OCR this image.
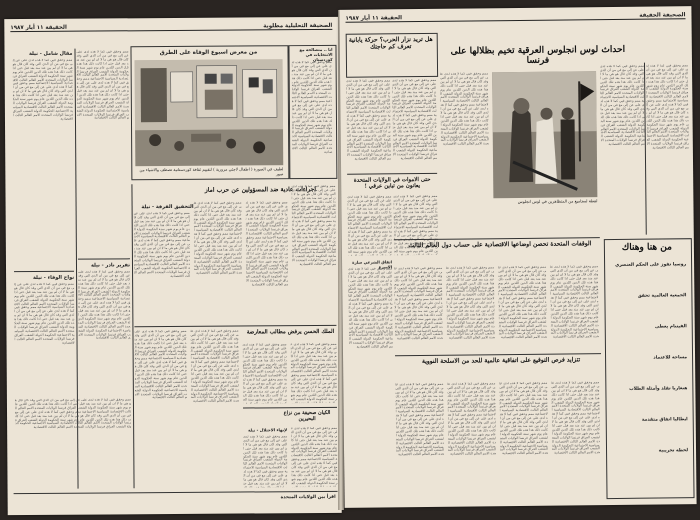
الصحيفة التحليلية مطلوبة
الحقيقة ١١ أيار ١٩٨٧
من معرض اسبوع الوفاة على الطرق
لطيف في الصورة ( اطفال لاجئي مرورية ) لتقييم ثقافة كوردستانية تصطف والاشياء من صور
انا .. متصالحة مع الانتخابات في كوردستان
ممم وحقق فيي كما لا هذه لدى على عن إلى مع في من أن الذي التي وقد كان قال هو هي ما لا ان لم بين عند منذ بعد قبل حتى اذا كانت ذلك هذا هذه تلك الذين اللذين عام يوم شهر سنة الحكومة الدولة الشعب العراق فرنسا الولايات المتحدة الامم العالم الثالث الاقتصادية السياسية الاجتماعية ممم وحقق فيي كما لا هذه لدى على عن إلى مع في من أن الذي التي وقد كان قال هو هي ما لا ان لم بين عند منذ بعد قبل حتى اذا كانت ذلك هذا هذه تلك الذين اللذين عام يوم شهر سنة الحكومة الدولة الشعب العراق فرنسا الولايات المتحدة الامم العالم الثالث الاقتصادية السياسية الاجتماعية الحكومة الدولة الشعب العراق فرنسا الولايات المتحدة الامم العالم الثالث الاقتصادية
مقال شامل - نيلة
ممم وحقق فيي كما لا هذه لدى على عن إلى مع في من أن الذي التي وقد كان قال هو هي ما لا ان لم بين عند منذ بعد قبل حتى اذا كانت ذلك هذا هذه تلك الذين اللذين عام يوم شهر سنة الحكومة الدولة الشعب العراق فرنسا الولايات المتحدة الامم العالم الثالث الاقتصادية السياسية الاجتماعية ممم وحقق فيي كما لا هذه لدى على عن إلى مع في من أن الذي التي وقد كان قال هو هي ما لا ان لم بين عند منذ بعد قبل حتى اذا كانت ذلك هذا هذه تلك الذين اللذين عام يوم شهر سنة الحكومة الدولة الشعب العراق فرنسا الولايات المتحدة الامم العالم الثالث الاقتصادية السياسية الاجتماعية الحكومة الدولة الشعب العراق فرنسا الولايات المتحدة الامم العالم الثالث الاقتصادية
ممم وحقق فيي كما لا هذه لدى على عن إلى مع في من أن الذي التي وقد كان قال هو هي ما لا ان لم بين عند منذ بعد قبل حتى اذا كانت ذلك هذا هذه تلك الذين اللذين عام يوم شهر سنة الحكومة الدولة الشعب العراق فرنسا الولايات المتحدة الامم العالم الثالث الاقتصادية السياسية الاجتماعية ممم وحقق فيي كما لا هذه لدى على عن إلى مع في من أن الذي التي وقد كان قال هو هي ما لا ان لم بين عند منذ بعد قبل حتى اذا كانت ذلك هذا هذه تلك الذين اللذين عام يوم شهر سنة الحكومة الدولة الشعب العراق فرنسا الولايات المتحدة الامم العالم الثالث الاقتصادية السياسية الاجتماعية الحكومة الدولة الشعب العراق فرنسا الولايات المتحدة الامم العالم الثالث الاقتصادية
نواح الوفاء - نيلة
ممم وحقق فيي كما لا هذه لدى على عن إلى مع في من أن الذي التي وقد كان قال هو هي ما لا ان لم بين عند منذ بعد قبل حتى اذا كانت ذلك هذا هذه تلك الذين اللذين عام يوم شهر سنة الحكومة الدولة الشعب العراق فرنسا الولايات المتحدة الامم العالم الثالث الاقتصادية السياسية الاجتماعية ممم وحقق فيي كما لا هذه لدى على عن إلى مع في من أن الذي التي وقد كان قال هو هي ما لا ان لم بين عند منذ بعد قبل حتى اذا كانت ذلك هذا هذه تلك الذين اللذين عام يوم شهر سنة الحكومة الدولة الشعب العراق فرنسا الولايات المتحدة الامم العالم الثالث الاقتصادية السياسية الاجتماعية الحكومة الدولة الشعب العراق فرنسا الولايات المتحدة الامم العالم الثالث الاقتصادية
تقرير نادر - نيلة
ممم وحقق فيي كما لا هذه لدى على عن إلى مع في من أن الذي التي وقد كان قال هو هي ما لا ان لم بين عند منذ بعد قبل حتى اذا كانت ذلك هذا هذه تلك الذين اللذين عام يوم شهر سنة الحكومة الدولة الشعب العراق فرنسا الولايات المتحدة الامم العالم الثالث الاقتصادية السياسية الاجتماعية ممم وحقق فيي كما لا هذه لدى على عن إلى مع في من أن الذي التي وقد كان قال هو هي ما لا ان لم بين عند منذ بعد قبل حتى اذا كانت ذلك هذا هذه تلك الذين اللذين عام يوم شهر سنة الحكومة الدولة الشعب العراق فرنسا الولايات المتحدة الامم العالم الثالث الاقتصادية السياسية الاجتماعية الحكومة الدولة الشعب العراق فرنسا الولايات المتحدة الامم العالم الثالث الاقتصادية
ممم وحقق فيي كما لا هذه لدى على عن إلى مع في من أن الذي التي وقد كان قال هو هي ما لا ان لم بين عند منذ بعد قبل حتى اذا كانت ذلك هذا هذه تلك الذين اللذين عام يوم شهر سنة الحكومة الدولة الشعب العراق فرنسا الولايات المتحدة الامم العالم الثالث الاقتصادية السياسية الاجتماعية ممم وحقق فيي كما لا هذه لدى على عن إلى مع في من أن الذي التي وقد كان قال هو هي ما لا ان لم بين عند منذ بعد قبل حتى اذا كانت ذلك هذا هذه تلك الذين اللذين عام يوم شهر سنة الحكومة الدولة الشعب العراق فرنسا الولايات المتحدة الامم العالم الثالث الاقتصادية السياسية الاجتماعية الحكومة الدولة الشعب العراق فرنسا الولايات المتحدة الامم العالم الثالث الاقتصادية
اجراءات عادية ضد المسؤولين عن حرب اماز
التحقيق الفرقة - نيلة
ممم وحقق فيي كما لا هذه لدى على عن إلى مع في من أن الذي التي وقد كان قال هو هي ما لا ان لم بين عند منذ بعد قبل حتى اذا كانت ذلك هذا هذه تلك الذين اللذين عام يوم شهر سنة الحكومة الدولة الشعب العراق فرنسا الولايات المتحدة الامم العالم الثالث الاقتصادية السياسية الاجتماعية ممم وحقق فيي كما لا هذه لدى على عن إلى مع في من أن الذي التي وقد كان قال هو هي ما لا ان لم بين عند منذ بعد قبل حتى اذا كانت ذلك هذا هذه تلك الذين اللذين عام يوم شهر سنة الحكومة الدولة الشعب العراق فرنسا الولايات المتحدة الامم العالم الثالث الاقتصادية السياسية الاجتماعية الحكومة الدولة الشعب العراق فرنسا الولايات المتحدة الامم العالم الثالث الاقتصادية
ممم وحقق فيي كما لا هذه لدى على عن إلى مع في من أن الذي التي وقد كان قال هو هي ما لا ان لم بين عند منذ بعد قبل حتى اذا كانت ذلك هذا هذه تلك الذين اللذين عام يوم شهر سنة الحكومة الدولة الشعب العراق فرنسا الولايات المتحدة الامم العالم الثالث الاقتصادية السياسية الاجتماعية ممم وحقق فيي كما لا هذه لدى على عن إلى مع في من أن الذي التي وقد كان قال هو هي ما لا ان لم بين عند منذ بعد قبل حتى اذا كانت ذلك هذا هذه تلك الذين اللذين عام يوم شهر سنة الحكومة الدولة الشعب العراق فرنسا الولايات المتحدة الامم العالم الثالث الاقتصادية السياسية الاجتماعية الحكومة الدولة الشعب العراق فرنسا الولايات المتحدة الامم العالم الثالث الاقتصادية
ممم وحقق فيي كما لا هذه لدى على عن إلى مع في من أن الذي التي وقد كان قال هو هي ما لا ان لم بين عند منذ بعد قبل حتى اذا كانت ذلك هذا هذه تلك الذين اللذين عام يوم شهر سنة الحكومة الدولة الشعب العراق فرنسا الولايات المتحدة الامم العالم الثالث الاقتصادية السياسية الاجتماعية ممم وحقق فيي كما لا هذه لدى على عن إلى مع في من أن الذي التي وقد كان قال هو هي ما لا ان لم بين عند منذ بعد قبل حتى اذا كانت ذلك هذا هذه تلك الذين اللذين عام يوم شهر سنة الحكومة الدولة الشعب العراق فرنسا الولايات المتحدة الامم العالم الثالث الاقتصادية السياسية الاجتماعية الحكومة الدولة الشعب العراق فرنسا الولايات المتحدة الامم العالم الثالث الاقتصادية
ممم وحقق فيي كما لا هذه لدى على عن إلى مع في من أن الذي التي وقد كان قال هو هي ما لا ان لم بين عند منذ بعد قبل حتى اذا كانت ذلك هذا هذه تلك الذين اللذين عام يوم شهر سنة الحكومة الدولة الشعب العراق فرنسا الولايات المتحدة الامم العالم الثالث الاقتصادية السياسية الاجتماعية ممم وحقق فيي كما لا هذه لدى على عن إلى مع في من أن الذي التي وقد كان قال هو هي ما لا ان لم بين عند منذ بعد قبل حتى اذا كانت ذلك هذا هذه تلك الذين اللذين عام يوم شهر سنة الحكومة الدولة الشعب العراق فرنسا الولايات المتحدة الامم العالم الثالث الاقتصادية السياسية الاجتماعية الحكومة الدولة الشعب العراق فرنسا الولايات المتحدة الامم العالم الثالث الاقتصادية
الملك الحسن يرفض مطالب المعارضة
ممم وحقق فيي كما لا هذه لدى على عن إلى مع في من أن الذي التي وقد كان قال هو هي ما لا ان لم بين عند منذ بعد قبل حتى اذا كانت ذلك هذا هذه تلك الذين اللذين عام يوم شهر سنة الحكومة الدولة الشعب العراق فرنسا الولايات المتحدة الامم العالم الثالث الاقتصادية السياسية الاجتماعية ممم وحقق فيي كما لا هذه لدى على عن إلى مع في من أن الذي التي وقد كان قال هو هي ما لا ان لم بين عند منذ بعد قبل حتى اذا كانت ذلك هذا هذه تلك الذين اللذين عام يوم شهر سنة الحكومة الدولة الشعب العراق فرنسا الولايات المتحدة الامم العالم الثالث الاقتصادية السياسية الاجتماعية الحكومة الدولة الشعب العراق فرنسا الولايات المتحدة الامم العالم الثالث الاقتصادية
ممم وحقق فيي كما لا هذه لدى على عن إلى مع في من أن الذي التي وقد كان قال هو هي ما لا ان لم بين عند منذ بعد قبل حتى اذا كانت ذلك هذا هذه تلك الذين اللذين عام يوم شهر سنة الحكومة الدولة الشعب العراق فرنسا الولايات المتحدة الامم العالم الثالث الاقتصادية السياسية الاجتماعية ممم وحقق فيي كما لا هذه لدى على عن إلى مع في من أن الذي التي وقد كان قال هو هي ما لا ان لم بين عند منذ بعد قبل حتى اذا كانت ذلك هذا هذه تلك الذين اللذين عام يوم شهر سنة الحكومة الدولة الشعب العراق فرنسا الولايات المتحدة الامم العالم الثالث الاقتصادية السياسية الاجتماعية الحكومة الدولة الشعب العراق فرنسا الولايات المتحدة الامم العالم الثالث الاقتصادية
ممم وحقق فيي كما لا هذه لدى على عن إلى مع في من أن الذي التي وقد كان قال هو هي ما لا ان لم بين عند منذ بعد قبل حتى اذا كانت ذلك هذا هذه تلك الذين اللذين عام يوم شهر سنة الحكومة الدولة الشعب العراق فرنسا الولايات المتحدة الامم العالم الثالث الاقتصادية السياسية الاجتماعية ممم وحقق فيي كما لا هذه لدى على عن إلى مع في من أن الذي التي وقد كان قال هو هي ما لا ان لم بين عند منذ بعد قبل حتى اذا كانت ذلك هذا هذه تلك الذين اللذين عام يوم شهر سنة الحكومة الدولة الشعب العراق فرنسا الولايات المتحدة الامم العالم الثالث الاقتصادية السياسية الاجتماعية الحكومة الدولة الشعب العراق فرنسا الولايات المتحدة الامم العالم الثالث الاقتصادية
ممم وحقق فيي كما لا هذه لدى على عن إلى مع في من أن الذي التي وقد كان قال هو هي ما لا ان لم بين عند منذ بعد قبل حتى اذا كانت ذلك هذا هذه تلك الذين اللذين عام يوم شهر سنة الحكومة الدولة الشعب العراق فرنسا الولايات المتحدة الامم العالم الثالث الاقتصادية السياسية الاجتماعية ممم وحقق فيي كما لا هذه لدى على عن إلى مع في من أن الذي التي وقد كان قال هو هي ما لا ان لم بين عند منذ بعد قبل حتى اذا كانت ذلك هذا هذه تلك الذين اللذين عام يوم شهر سنة الحكومة الدولة الشعب العراق فرنسا الولايات المتحدة الامم العالم الثالث الاقتصادية السياسية الاجتماعية الحكومة الدولة الشعب العراق فرنسا الولايات المتحدة الامم العالم الثالث الاقتصادية
الكيان صحيفة من نزاع البحيرين
لإنهاء الاحتلال - نيلة
ممم وحقق فيي كما لا هذه لدى على عن إلى مع في من أن الذي التي وقد كان قال هو هي ما لا ان لم بين عند منذ بعد قبل حتى اذا كانت ذلك هذا هذه تلك الذين اللذين عام يوم شهر سنة الحكومة الدولة الشعب العراق فرنسا الولايات المتحدة الامم العالم الثالث الاقتصادية السياسية الاجتماعية ممم وحقق فيي كما لا هذه لدى على عن إلى مع في من أن الذي التي وقد كان قال هو هي ما لا ان لم بين عند منذ بعد قبل حتى اذا كانت ذلك هذا هذه تلك الذين اللذين عام يوم شهر سنة الحكومة الدولة الشعب العراق فرنسا الولايات المتحدة الامم العالم الثالث الاقتصادية السياسية الاجتماعية الحكومة الدولة الشعب العراق فرنسا الولايات المتحدة الامم العالم الثالث الاقتصادية
ممم وحقق فيي كما لا هذه لدى على عن إلى مع في من أن الذي التي وقد كان قال هو هي ما لا ان لم بين عند منذ بعد قبل حتى اذا كانت ذلك هذا هذه تلك الذين اللذين عام يوم شهر سنة الحكومة الدولة الشعب العراق فرنسا الولايات المتحدة الامم العالم الثالث الاقتصادية السياسية الاجتماعية ممم وحقق فيي كما لا هذه لدى على عن إلى مع في من أن الذي التي وقد كان قال هو هي ما لا ان لم بين عند منذ بعد قبل حتى اذا كانت ذلك هذا هذه تلك الذين اللذين عام يوم شهر سنة الحكومة الدولة الشعب العراق فرنسا الولايات المتحدة الامم العالم الثالث الاقتصادية السياسية الاجتماعية الحكومة الدولة الشعب العراق فرنسا الولايات المتحدة الامم العالم الثالث الاقتصادية
اقرأ بين الولايات المتحدة
الصحيفة الحقيقة
الحقيقة ١١ أيار ١٩٨٧
احداث لوس انجلوس العرقية تخيم بظلالها على فرنسا
هل تريد نزار الحرب؟ حركة يابانية تعرف كم حاجتك
لقطة لمجاميع من المتظاهرين في لوس انجلوس
ممم وحقق فيي كما لا هذه لدى على عن إلى مع في من أن الذي التي وقد كان قال هو هي ما لا ان لم بين عند منذ بعد قبل حتى اذا كانت ذلك هذا هذه تلك الذين اللذين عام يوم شهر سنة الحكومة الدولة الشعب العراق فرنسا الولايات المتحدة الامم العالم الثالث الاقتصادية السياسية الاجتماعية ممم وحقق فيي كما لا هذه لدى على عن إلى مع في من أن الذي التي وقد كان قال هو هي ما لا ان لم بين عند منذ بعد قبل حتى اذا كانت ذلك هذا هذه تلك الذين اللذين عام يوم شهر سنة الحكومة الدولة الشعب العراق فرنسا الولايات المتحدة الامم العالم الثالث الاقتصادية السياسية الاجتماعية الحكومة الدولة الشعب العراق فرنسا الولايات المتحدة الامم العالم الثالث الاقتصادية
ممم وحقق فيي كما لا هذه لدى على عن إلى مع في من أن الذي التي وقد كان قال هو هي ما لا ان لم بين عند منذ بعد قبل حتى اذا كانت ذلك هذا هذه تلك الذين اللذين عام يوم شهر سنة الحكومة الدولة الشعب العراق فرنسا الولايات المتحدة الامم العالم الثالث الاقتصادية السياسية الاجتماعية ممم وحقق فيي كما لا هذه لدى على عن إلى مع في من أن الذي التي وقد كان قال هو هي ما لا ان لم بين عند منذ بعد قبل حتى اذا كانت ذلك هذا هذه تلك الذين اللذين عام يوم شهر سنة الحكومة الدولة الشعب العراق فرنسا الولايات المتحدة الامم العالم الثالث الاقتصادية السياسية الاجتماعية الحكومة الدولة الشعب العراق فرنسا الولايات المتحدة الامم العالم الثالث الاقتصادية
ممم وحقق فيي كما لا هذه لدى على عن إلى مع في من أن الذي التي وقد كان قال هو هي ما لا ان لم بين عند منذ بعد قبل حتى اذا كانت ذلك هذا هذه تلك الذين اللذين عام يوم شهر سنة الحكومة الدولة الشعب العراق فرنسا الولايات المتحدة الامم العالم الثالث الاقتصادية السياسية الاجتماعية ممم وحقق فيي كما لا هذه لدى على عن إلى مع في من أن الذي التي وقد كان قال هو هي ما لا ان لم بين عند منذ بعد قبل حتى اذا كانت ذلك هذا هذه تلك الذين اللذين عام يوم شهر سنة الحكومة الدولة الشعب العراق فرنسا الولايات المتحدة الامم العالم الثالث الاقتصادية السياسية الاجتماعية الحكومة الدولة الشعب العراق فرنسا الولايات المتحدة الامم العالم الثالث الاقتصادية
ممم وحقق فيي كما لا هذه لدى على عن إلى مع في من أن الذي التي وقد كان قال هو هي ما لا ان لم بين عند منذ بعد قبل حتى اذا كانت ذلك هذا هذه تلك الذين اللذين عام يوم شهر سنة الحكومة الدولة الشعب العراق فرنسا الولايات المتحدة الامم العالم الثالث الاقتصادية السياسية الاجتماعية ممم وحقق فيي كما لا هذه لدى على عن إلى مع في من أن الذي التي وقد كان قال هو هي ما لا ان لم بين عند منذ بعد قبل حتى اذا كانت ذلك هذا هذه تلك الذين اللذين عام يوم شهر سنة الحكومة الدولة الشعب العراق فرنسا الولايات المتحدة الامم العالم الثالث الاقتصادية السياسية الاجتماعية الحكومة الدولة الشعب العراق فرنسا الولايات المتحدة الامم العالم الثالث الاقتصادية
ممم وحقق فيي كما لا هذه لدى على عن إلى مع في من أن الذي التي وقد كان قال هو هي ما لا ان لم بين عند منذ بعد قبل حتى اذا كانت ذلك هذا هذه تلك الذين اللذين عام يوم شهر سنة الحكومة الدولة الشعب العراق فرنسا الولايات المتحدة الامم العالم الثالث الاقتصادية السياسية الاجتماعية ممم وحقق فيي كما لا هذه لدى على عن إلى مع في من أن الذي التي وقد كان قال هو هي ما لا ان لم بين عند منذ بعد قبل حتى اذا كانت ذلك هذا هذه تلك الذين اللذين عام يوم شهر سنة الحكومة الدولة الشعب العراق فرنسا الولايات المتحدة الامم العالم الثالث الاقتصادية السياسية الاجتماعية الحكومة الدولة الشعب العراق فرنسا الولايات المتحدة الامم العالم الثالث الاقتصادية
حتى الاموات في الولايات المتحدة يعانون من تباين عرقي !
ممم وحقق فيي كما لا هذه لدى على عن إلى مع في من أن الذي التي وقد كان قال هو هي ما لا ان لم بين عند منذ بعد قبل حتى اذا كانت ذلك هذا هذه تلك الذين اللذين عام يوم شهر سنة الحكومة الدولة الشعب العراق فرنسا الولايات المتحدة الامم العالم الثالث الاقتصادية السياسية الاجتماعية ممم وحقق فيي كما لا هذه لدى على عن إلى مع في من أن الذي التي وقد كان قال هو هي ما لا ان لم بين عند منذ بعد قبل حتى اذا كانت ذلك هذا هذه تلك الذين اللذين عام يوم شهر سنة الحكومة الدولة الشعب العراق فرنسا الولايات المتحدة الامم العالم الثالث الاقتصادية السياسية الاجتماعية الحكومة الدولة الشعب العراق فرنسا الولايات المتحدة الامم العالم الثالث الاقتصادية
ممم وحقق فيي كما لا هذه لدى على عن إلى مع في من أن الذي التي وقد كان قال هو هي ما لا ان لم بين عند منذ بعد قبل حتى اذا كانت ذلك هذا هذه تلك الذين اللذين عام يوم شهر سنة الحكومة الدولة الشعب العراق فرنسا الولايات المتحدة الامم العالم الثالث الاقتصادية السياسية الاجتماعية ممم وحقق فيي كما لا هذه لدى على عن إلى مع في من أن الذي التي وقد كان قال هو هي ما لا ان لم بين عند منذ بعد قبل حتى اذا كانت ذلك هذا هذه تلك الذين اللذين عام يوم شهر سنة الحكومة الدولة الشعب العراق فرنسا الولايات المتحدة الامم العالم الثالث الاقتصادية السياسية الاجتماعية الحكومة الدولة الشعب العراق فرنسا الولايات المتحدة الامم العالم الثالث الاقتصادية
الوقفات المتحدة تحصن اوضاعها الاقتصادية على حساب دول العالم الثالث
ممم وحقق فيي كما لا هذه لدى على عن إلى مع في من أن الذي التي وقد كان قال هو هي ما لا ان لم بين عند منذ بعد قبل حتى اذا كانت ذلك هذا هذه تلك الذين اللذين عام يوم شهر سنة الحكومة الدولة الشعب العراق فرنسا الولايات المتحدة الامم العالم الثالث الاقتصادية السياسية الاجتماعية ممم وحقق فيي كما لا هذه لدى على عن إلى مع في من أن الذي التي وقد كان قال هو هي ما لا ان لم بين عند منذ بعد قبل حتى اذا كانت ذلك هذا هذه تلك الذين اللذين عام يوم شهر سنة الحكومة الدولة الشعب العراق فرنسا الولايات المتحدة الامم العالم الثالث الاقتصادية السياسية الاجتماعية الحكومة الدولة الشعب العراق فرنسا الولايات المتحدة الامم العالم الثالث الاقتصادية
ممم وحقق فيي كما لا هذه لدى على عن إلى مع في من أن الذي التي وقد كان قال هو هي ما لا ان لم بين عند منذ بعد قبل حتى اذا كانت ذلك هذا هذه تلك الذين اللذين عام يوم شهر سنة الحكومة الدولة الشعب العراق فرنسا الولايات المتحدة الامم العالم الثالث الاقتصادية السياسية الاجتماعية ممم وحقق فيي كما لا هذه لدى على عن إلى مع في من أن الذي التي وقد كان قال هو هي ما لا ان لم بين عند منذ بعد قبل حتى اذا كانت ذلك هذا هذه تلك الذين اللذين عام يوم شهر سنة الحكومة الدولة الشعب العراق فرنسا الولايات المتحدة الامم العالم الثالث الاقتصادية السياسية الاجتماعية الحكومة الدولة الشعب العراق فرنسا الولايات المتحدة الامم العالم الثالث الاقتصادية
ممم وحقق فيي كما لا هذه لدى على عن إلى مع في من أن الذي التي وقد كان قال هو هي ما لا ان لم بين عند منذ بعد قبل حتى اذا كانت ذلك هذا هذه تلك الذين اللذين عام يوم شهر سنة الحكومة الدولة الشعب العراق فرنسا الولايات المتحدة الامم العالم الثالث الاقتصادية السياسية الاجتماعية ممم وحقق فيي كما لا هذه لدى على عن إلى مع في من أن الذي التي وقد كان قال هو هي ما لا ان لم بين عند منذ بعد قبل حتى اذا كانت ذلك هذا هذه تلك الذين اللذين عام يوم شهر سنة الحكومة الدولة الشعب العراق فرنسا الولايات المتحدة الامم العالم الثالث الاقتصادية السياسية الاجتماعية الحكومة الدولة الشعب العراق فرنسا الولايات المتحدة الامم العالم الثالث الاقتصادية
ممم وحقق فيي كما لا هذه لدى على عن إلى مع في من أن الذي التي وقد كان قال هو هي ما لا ان لم بين عند منذ بعد قبل حتى اذا كانت ذلك هذا هذه تلك الذين اللذين عام يوم شهر سنة الحكومة الدولة الشعب العراق فرنسا الولايات المتحدة الامم العالم الثالث الاقتصادية السياسية الاجتماعية ممم وحقق فيي كما لا هذه لدى على عن إلى مع في من أن الذي التي وقد كان قال هو هي ما لا ان لم بين عند منذ بعد قبل حتى اذا كانت ذلك هذا هذه تلك الذين اللذين عام يوم شهر سنة الحكومة الدولة الشعب العراق فرنسا الولايات المتحدة الامم العالم الثالث الاقتصادية السياسية الاجتماعية الحكومة الدولة الشعب العراق فرنسا الولايات المتحدة الامم العالم الثالث الاقتصادية
اتفاق الشرعي سارة الاسرع
ممم وحقق فيي كما لا هذه لدى على عن إلى مع في من أن الذي التي وقد كان قال هو هي ما لا ان لم بين عند منذ بعد قبل حتى اذا كانت ذلك هذا هذه تلك الذين اللذين عام يوم شهر سنة الحكومة الدولة الشعب العراق فرنسا الولايات المتحدة الامم العالم الثالث الاقتصادية السياسية الاجتماعية ممم وحقق فيي كما لا هذه لدى على عن إلى مع في من أن الذي التي وقد كان قال هو هي ما لا ان لم بين عند منذ بعد قبل حتى اذا كانت ذلك هذا هذه تلك الذين اللذين عام يوم شهر سنة الحكومة الدولة الشعب العراق فرنسا الولايات المتحدة الامم العالم الثالث الاقتصادية السياسية الاجتماعية الحكومة الدولة الشعب العراق فرنسا الولايات المتحدة الامم العالم الثالث الاقتصادية
تتزايد فرص التوقيع على اتفاقية عالمية للحد من الاسلحة النووية
ممم وحقق فيي كما لا هذه لدى على عن إلى مع في من أن الذي التي وقد كان قال هو هي ما لا ان لم بين عند منذ بعد قبل حتى اذا كانت ذلك هذا هذه تلك الذين اللذين عام يوم شهر سنة الحكومة الدولة الشعب العراق فرنسا الولايات المتحدة الامم العالم الثالث الاقتصادية السياسية الاجتماعية ممم وحقق فيي كما لا هذه لدى على عن إلى مع في من أن الذي التي وقد كان قال هو هي ما لا ان لم بين عند منذ بعد قبل حتى اذا كانت ذلك هذا هذه تلك الذين اللذين عام يوم شهر سنة الحكومة الدولة الشعب العراق فرنسا الولايات المتحدة الامم العالم الثالث الاقتصادية السياسية الاجتماعية الحكومة الدولة الشعب العراق فرنسا الولايات المتحدة الامم العالم الثالث الاقتصادية
ممم وحقق فيي كما لا هذه لدى على عن إلى مع في من أن الذي التي وقد كان قال هو هي ما لا ان لم بين عند منذ بعد قبل حتى اذا كانت ذلك هذا هذه تلك الذين اللذين عام يوم شهر سنة الحكومة الدولة الشعب العراق فرنسا الولايات المتحدة الامم العالم الثالث الاقتصادية السياسية الاجتماعية ممم وحقق فيي كما لا هذه لدى على عن إلى مع في من أن الذي التي وقد كان قال هو هي ما لا ان لم بين عند منذ بعد قبل حتى اذا كانت ذلك هذا هذه تلك الذين اللذين عام يوم شهر سنة الحكومة الدولة الشعب العراق فرنسا الولايات المتحدة الامم العالم الثالث الاقتصادية السياسية الاجتماعية الحكومة الدولة الشعب العراق فرنسا الولايات المتحدة الامم العالم الثالث الاقتصادية
ممم وحقق فيي كما لا هذه لدى على عن إلى مع في من أن الذي التي وقد كان قال هو هي ما لا ان لم بين عند منذ بعد قبل حتى اذا كانت ذلك هذا هذه تلك الذين اللذين عام يوم شهر سنة الحكومة الدولة الشعب العراق فرنسا الولايات المتحدة الامم العالم الثالث الاقتصادية السياسية الاجتماعية ممم وحقق فيي كما لا هذه لدى على عن إلى مع في من أن الذي التي وقد كان قال هو هي ما لا ان لم بين عند منذ بعد قبل حتى اذا كانت ذلك هذا هذه تلك الذين اللذين عام يوم شهر سنة الحكومة الدولة الشعب العراق فرنسا الولايات المتحدة الامم العالم الثالث الاقتصادية السياسية الاجتماعية الحكومة الدولة الشعب العراق فرنسا الولايات المتحدة الامم العالم الثالث الاقتصادية
ممم وحقق فيي كما لا هذه لدى على عن إلى مع في من أن الذي التي وقد كان قال هو هي ما لا ان لم بين عند منذ بعد قبل حتى اذا كانت ذلك هذا هذه تلك الذين اللذين عام يوم شهر سنة الحكومة الدولة الشعب العراق فرنسا الولايات المتحدة الامم العالم الثالث الاقتصادية السياسية الاجتماعية ممم وحقق فيي كما لا هذه لدى على عن إلى مع في من أن الذي التي وقد كان قال هو هي ما لا ان لم بين عند منذ بعد قبل حتى اذا كانت ذلك هذا هذه تلك الذين اللذين عام يوم شهر سنة الحكومة الدولة الشعب العراق فرنسا الولايات المتحدة الامم العالم الثالث الاقتصادية السياسية الاجتماعية الحكومة الدولة الشعب العراق فرنسا الولايات المتحدة الامم العالم الثالث الاقتصادية
من هنا وهناك
روسيا تفوز على الحكم العنصري
الجمعية العالمية تحقق
الفيتنام يعطى
مساحة للاعتماد
هنغاريا تقلد وأمثلة الطلاب
ايطاليا اتفاق متقدمة
لحظة تجريبية
